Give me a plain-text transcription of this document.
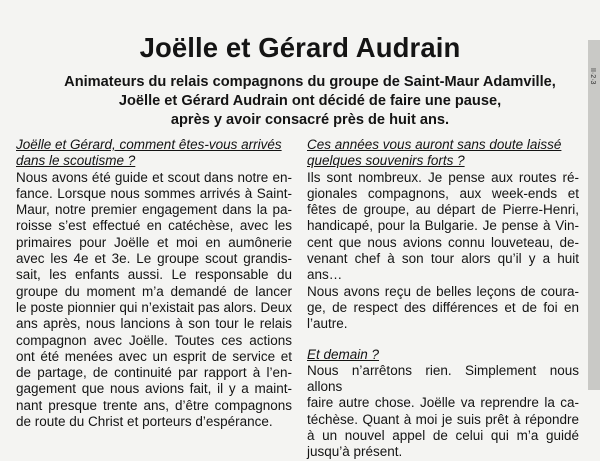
Joëlle et Gérard Audrain
Animateurs du relais compagnons du groupe de Saint-Maur Adamville,
Joëlle et Gérard Audrain ont décidé de faire une pause,
après y avoir consacré près de huit ans.
Joëlle et Gérard, comment êtes-vous arrivés
dans le scoutisme ?
Nous avons été guide et scout dans notre en-
fance. Lorsque nous sommes arrivés à Saint-
Maur, notre premier engagement dans la pa-
roisse s’est effectué en catéchèse, avec les
primaires pour Joëlle et moi en aumônerie
avec les 4e et 3e. Le groupe scout grandis-
sait, les enfants aussi. Le responsable du
groupe du moment m’a demandé de lancer
le poste pionnier qui n’existait pas alors. Deux
ans après, nous lancions à son tour le relais
compagnon avec Joëlle. Toutes ces actions
ont été menées avec un esprit de service et
de partage, de continuité par rapport à l’en-
gagement que nous avions fait, il y a maint-
nant presque trente ans, d’être compagnons
de route du Christ et porteurs d’espérance.
Ces années vous auront sans doute laissé
quelques souvenirs forts ?
Ils sont nombreux. Je pense aux routes ré-
gionales compagnons, aux week-ends et
fêtes de groupe, au départ de Pierre-Henri,
handicapé, pour la Bulgarie. Je pense à Vin-
cent que nous avions connu louveteau, de-
venant chef à son tour alors qu’il y a huit ans…
Nous avons reçu de belles leçons de coura-
ge, de respect des différences et de foi en
l’autre.
Et demain ?
Nous n’arrêtons rien. Simplement nous allons
faire autre chose. Joëlle va reprendre la ca-
téchèse. Quant à moi je suis prêt à répondre
à un nouvel appel de celui qui m’a guidé
jusqu’à présent.
II·2·3
